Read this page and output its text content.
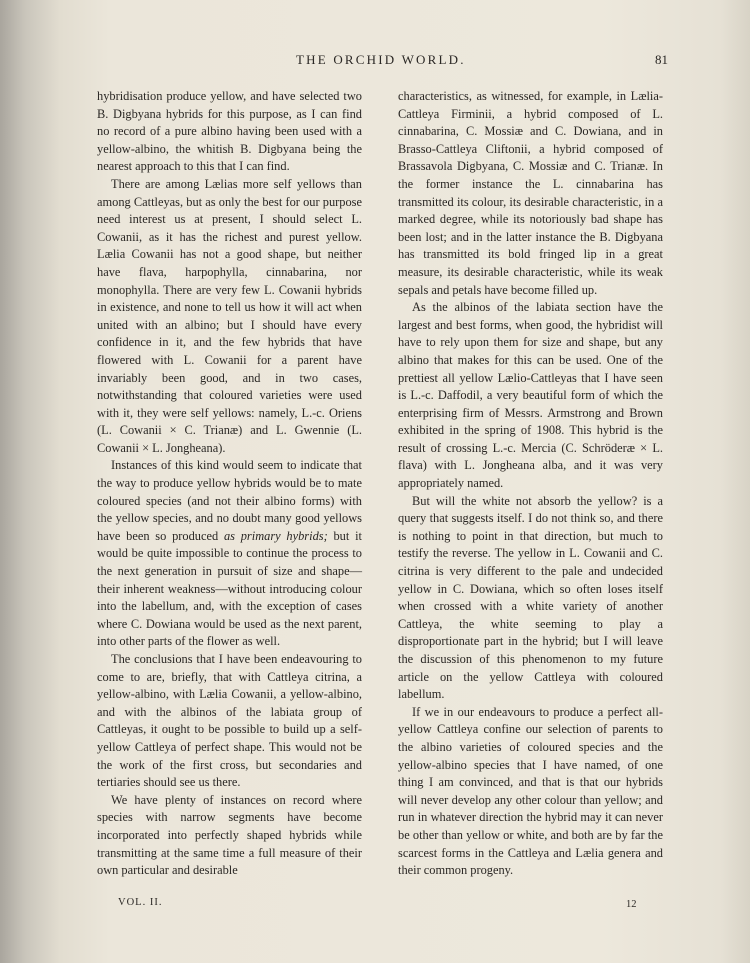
THE ORCHID WORLD.	81

hybridisation produce yellow, and have selected two B. Digbyana hybrids for this purpose, as I can find no record of a pure albino having been used with a yellow-albino, the whitish B. Digbyana being the nearest approach to this that I can find.

There are among Lælias more self yellows than among Cattleyas, but as only the best for our purpose need interest us at present, I should select L. Cowanii, as it has the richest and purest yellow. Lælia Cowanii has not a good shape, but neither have flava, harpophylla, cinnabarina, nor monophylla. There are very few L. Cowanii hybrids in existence, and none to tell us how it will act when united with an albino; but I should have every confidence in it, and the few hybrids that have flowered with L. Cowanii for a parent have invariably been good, and in two cases, notwithstanding that coloured varieties were used with it, they were self yellows: namely, L.-c. Oriens (L. Cowanii × C. Trianæ) and L. Gwennie (L. Cowanii × L. Jongheana).

Instances of this kind would seem to indicate that the way to produce yellow hybrids would be to mate coloured species (and not their albino forms) with the yellow species, and no doubt many good yellows have been so produced as primary hybrids; but it would be quite impossible to continue the process to the next generation in pursuit of size and shape—their inherent weakness—without introducing colour into the labellum, and, with the exception of cases where C. Dowiana would be used as the next parent, into other parts of the flower as well.

The conclusions that I have been endeavouring to come to are, briefly, that with Cattleya citrina, a yellow-albino, with Lælia Cowanii, a yellow-albino, and with the albinos of the labiata group of Cattleyas, it ought to be possible to build up a self-yellow Cattleya of perfect shape. This would not be the work of the first cross, but secondaries and tertiaries should see us there.

We have plenty of instances on record where species with narrow segments have become incorporated into perfectly shaped hybrids while transmitting at the same time a full measure of their own particular and desirable

characteristics, as witnessed, for example, in Lælia-Cattleya Firminii, a hybrid composed of L. cinnabarina, C. Mossiæ and C. Dowiana, and in Brasso-Cattleya Cliftonii, a hybrid composed of Brassavola Digbyana, C. Mossiæ and C. Trianæ. In the former instance the L. cinnabarina has transmitted its colour, its desirable characteristic, in a marked degree, while its notoriously bad shape has been lost; and in the latter instance the B. Digbyana has transmitted its bold fringed lip in a great measure, its desirable characteristic, while its weak sepals and petals have become filled up.

As the albinos of the labiata section have the largest and best forms, when good, the hybridist will have to rely upon them for size and shape, but any albino that makes for this can be used. One of the prettiest all yellow Lælio-Cattleyas that I have seen is L.-c. Daffodil, a very beautiful form of which the enterprising firm of Messrs. Armstrong and Brown exhibited in the spring of 1908. This hybrid is the result of crossing L.-c. Mercia (C. Schröderæ × L. flava) with L. Jongheana alba, and it was very appropriately named.

But will the white not absorb the yellow? is a query that suggests itself. I do not think so, and there is nothing to point in that direction, but much to testify the reverse. The yellow in L. Cowanii and C. citrina is very different to the pale and undecided yellow in C. Dowiana, which so often loses itself when crossed with a white variety of another Cattleya, the white seeming to play a disproportionate part in the hybrid; but I will leave the discussion of this phenomenon to my future article on the yellow Cattleya with coloured labellum.

If we in our endeavours to produce a perfect all-yellow Cattleya confine our selection of parents to the albino varieties of coloured species and the yellow-albino species that I have named, of one thing I am convinced, and that is that our hybrids will never develop any other colour than yellow; and run in whatever direction the hybrid may it can never be other than yellow or white, and both are by far the scarcest forms in the Cattleya and Lælia genera and their common progeny.

VOL. II.	12
